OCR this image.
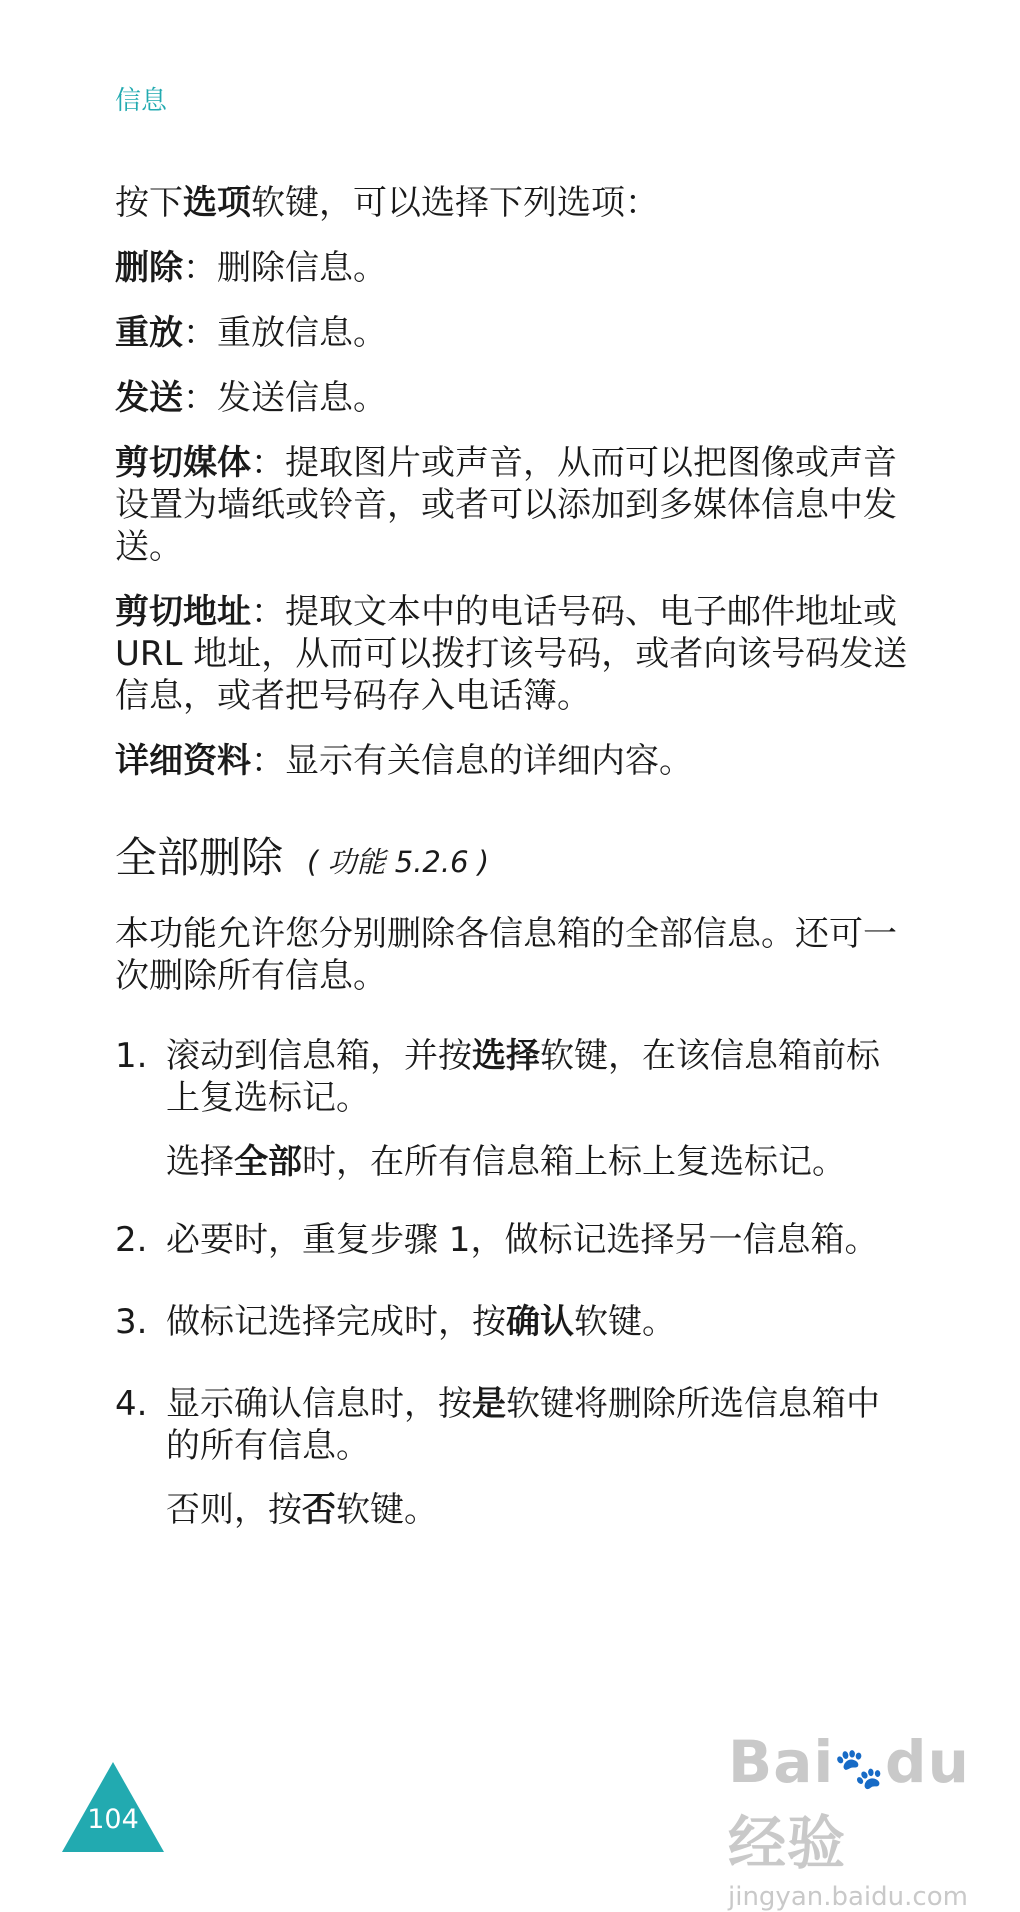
信息

按下选项软键，可以选择下列选项：

删除：删除信息。

重放：重放信息。

发送：发送信息。

剪切媒体：提取图片或声音，从而可以把图像或声音设置为墙纸或铃音，或者可以添加到多媒体信息中发送。

剪切地址：提取文本中的电话号码、电子邮件地址或 URL 地址，从而可以拨打该号码，或者向该号码发送信息，或者把号码存入电话簿。

详细资料：显示有关信息的详细内容。

全部删除 ( 功能 5.2.6 )

本功能允许您分别删除各信息箱的全部信息。还可一次删除所有信息。

1. 滚动到信息箱，并按选择软键，在该信息箱前标上复选标记。

选择全部时，在所有信息箱上标上复选标记。

2. 必要时，重复步骤 1，做标记选择另一信息箱。
3. 做标记选择完成时，按确认软键。
4. 显示确认信息时，按是软键将删除所选信息箱中的所有信息。

否则，按否软键。

104
Bai🐾du 经验
jingyan.baidu.com
